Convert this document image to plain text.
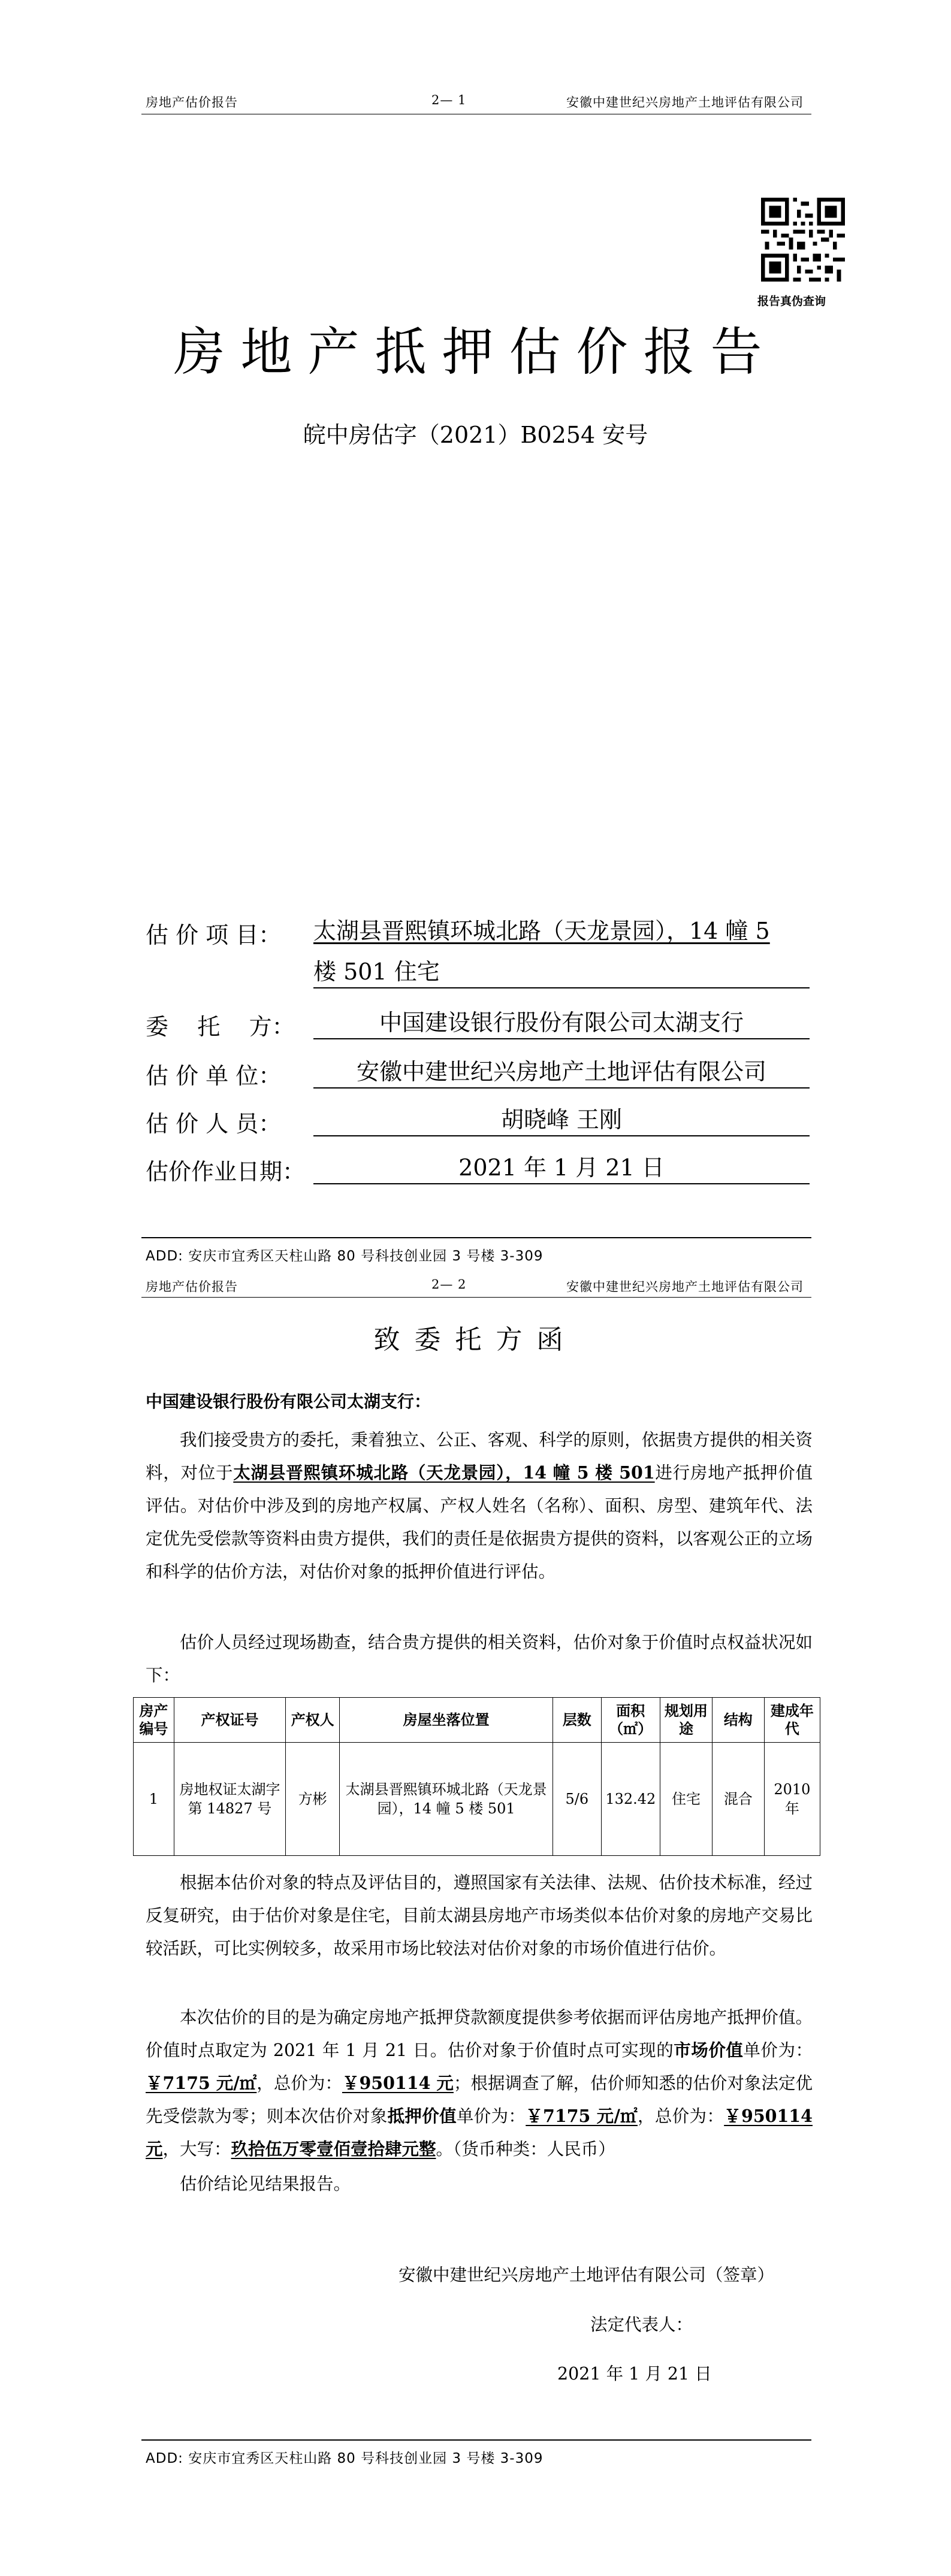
房地产估价报告	2— 1	安徽中建世纪兴房地产土地评估有限公司
报告真伪查询
房地产抵押估价报告
皖中房估字（2021）B0254 安号
估 价 项 目： 太湖县晋熙镇环城北路（天龙景园），14 幢 5
楼 501 住宅
委    托    方：	中国建设银行股份有限公司太湖支行
估 价 单 位：	安徽中建世纪兴房地产土地评估有限公司
估 价 人 员：	胡晓峰 王刚
估价作业日期：	2021 年 1 月 21 日
ADD: 安庆市宜秀区天柱山路 80 号科技创业园 3 号楼 3-309
房地产估价报告	2— 2	安徽中建世纪兴房地产土地评估有限公司
致委托方函
中国建设银行股份有限公司太湖支行：
我们接受贵方的委托，秉着独立、公正、客观、科学的原则，依据贵方提供的相关资料，对位于太湖县晋熙镇环城北路（天龙景园），14 幢 5 楼 501进行房地产抵押价值评估。对估价中涉及到的房地产权属、产权人姓名（名称）、面积、房型、建筑年代、法定优先受偿款等资料由贵方提供，我们的责任是依据贵方提供的资料，以客观公正的立场和科学的估价方法，对估价对象的抵押价值进行评估。
估价人员经过现场勘查，结合贵方提供的相关资料，估价对象于价值时点权益状况如下：
房产编号	产权证号	产权人	房屋坐落位置	层数	面积（㎡）	规划用途	结构	建成年代
1	房地权证太湖字第 14827 号	方彬	太湖县晋熙镇环城北路（天龙景园），14 幢 5 楼 501	5/6	132.42	住宅	混合	2010 年
根据本估价对象的特点及评估目的，遵照国家有关法律、法规、估价技术标准，经过反复研究，由于估价对象是住宅，目前太湖县房地产市场类似本估价对象的房地产交易比较活跃，可比实例较多，故采用市场比较法对估价对象的市场价值进行估价。
本次估价的目的是为确定房地产抵押贷款额度提供参考依据而评估房地产抵押价值。价值时点取定为 2021 年 1 月 21 日。估价对象于价值时点可实现的市场价值单价为：￥7175 元/㎡，总价为：￥950114 元；根据调查了解，估价师知悉的估价对象法定优先受偿款为零；则本次估价对象抵押价值单价为：￥7175 元/㎡，总价为：￥950114 元，大写：玖拾伍万零壹佰壹拾肆元整。（货币种类：人民币）
估价结论见结果报告。
安徽中建世纪兴房地产土地评估有限公司（签章）
法定代表人：
2021 年 1 月 21 日
ADD: 安庆市宜秀区天柱山路 80 号科技创业园 3 号楼 3-309
